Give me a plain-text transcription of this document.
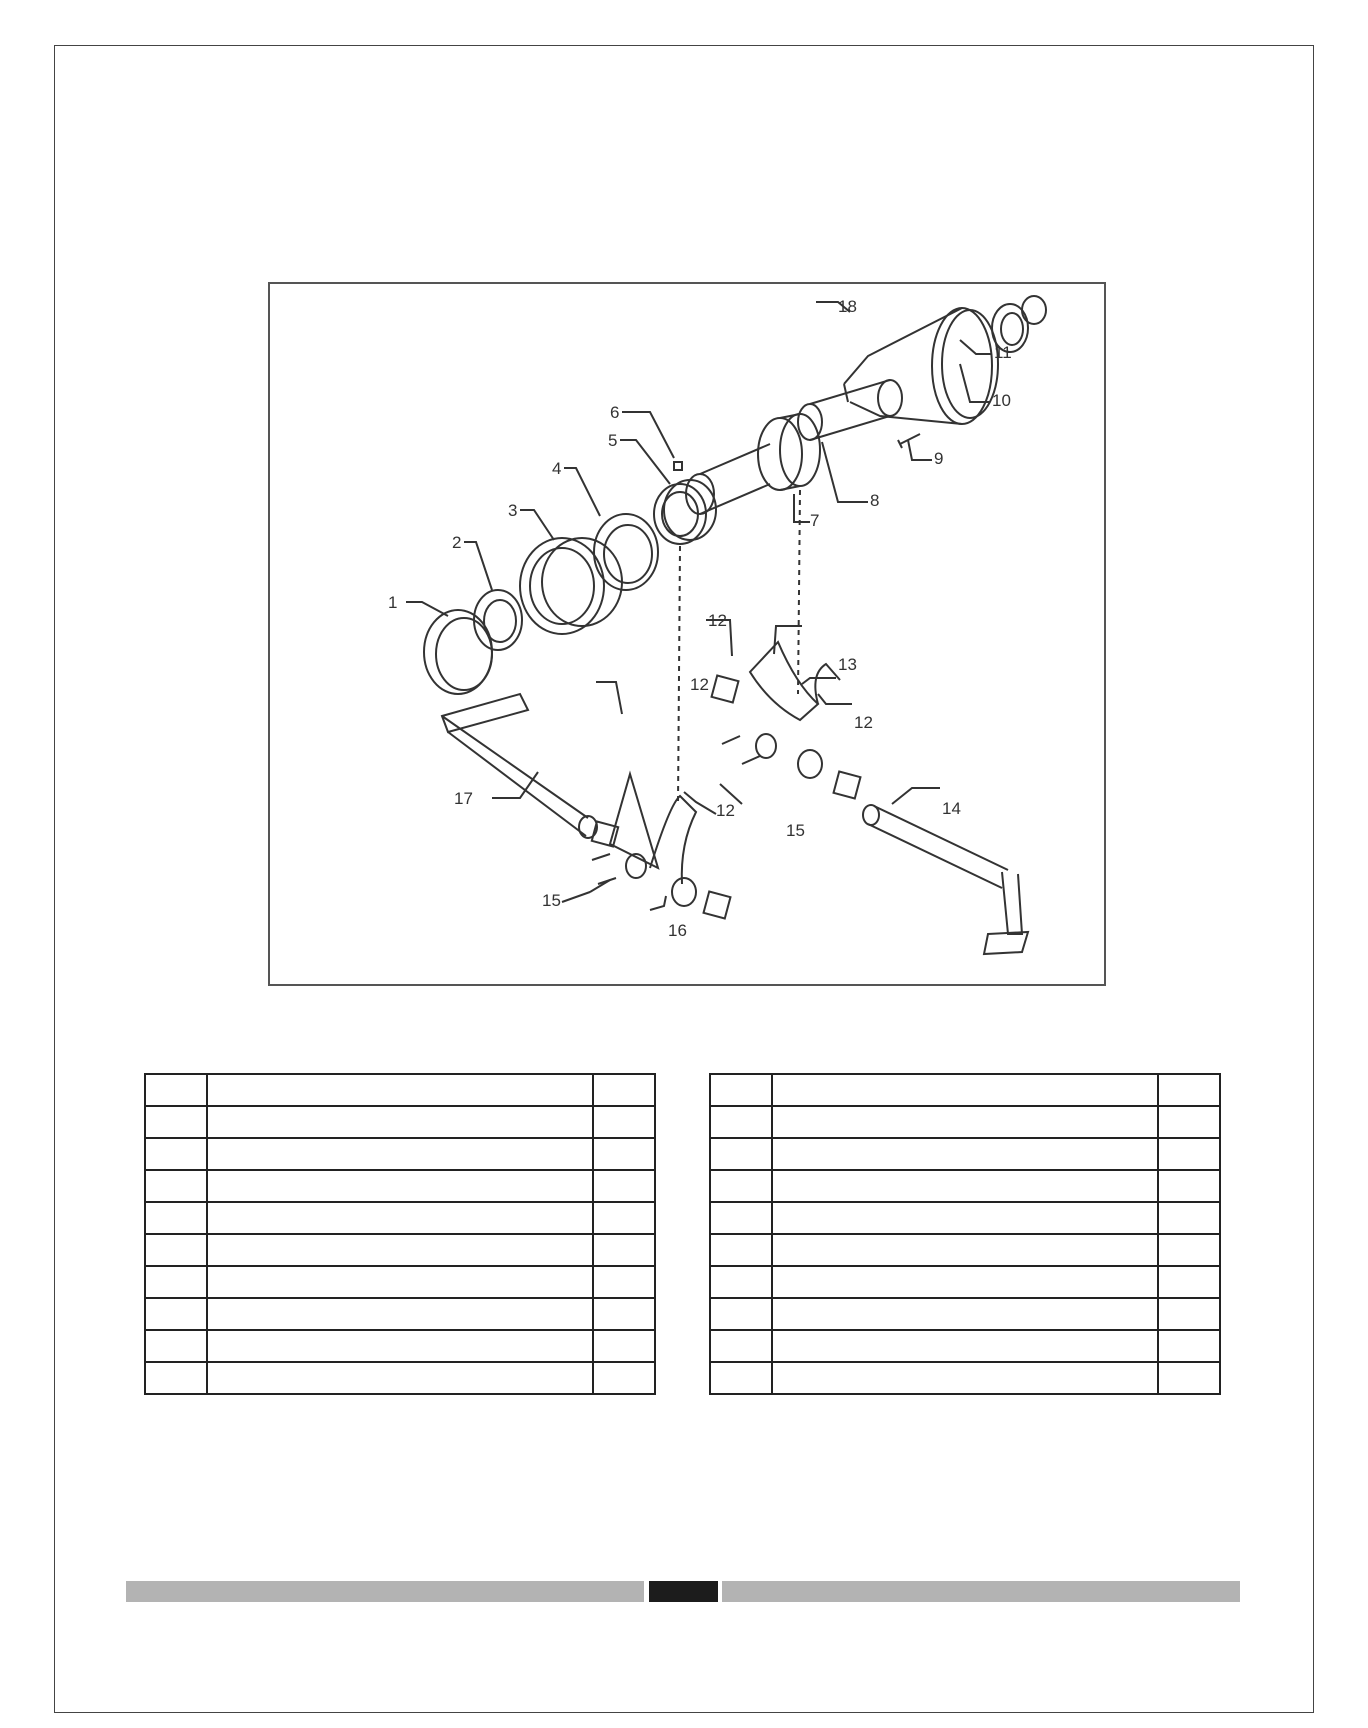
1
2
3
4
5
6
7
8
9
10
11
12
12
12
12
13
14
15
15
16
17
18
